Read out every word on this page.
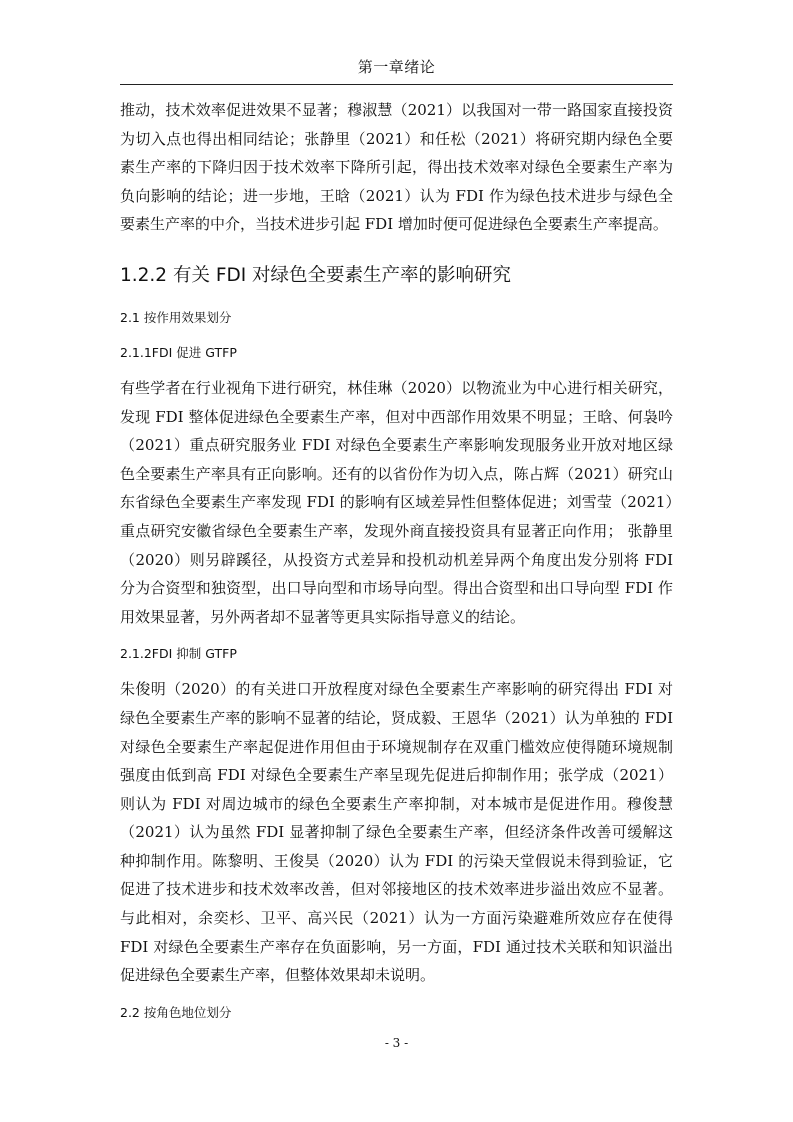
第一章绪论

推动，技术效率促进效果不显著；穆淑慧（2021）以我国对一带一路国家直接投资为切入点也得出相同结论；张静里（2021）和任松（2021）将研究期内绿色全要素生产率的下降归因于技术效率下降所引起，得出技术效率对绿色全要素生产率为负向影响的结论；进一步地，王晗（2021）认为 FDI 作为绿色技术进步与绿色全要素生产率的中介，当技术进步引起 FDI 增加时便可促进绿色全要素生产率提高。

1.2.2 有关 FDI 对绿色全要素生产率的影响研究
2.1 按作用效果划分
2.1.1FDI 促进 GTFP

有些学者在行业视角下进行研究，林佳琳（2020）以物流业为中心进行相关研究，发现 FDI 整体促进绿色全要素生产率，但对中西部作用效果不明显；王晗、何袅吟（2021）重点研究服务业 FDI 对绿色全要素生产率影响发现服务业开放对地区绿色全要素生产率具有正向影响。还有的以省份作为切入点，陈占辉（2021）研究山东省绿色全要素生产率发现 FDI 的影响有区域差异性但整体促进；刘雪莹（2021）重点研究安徽省绿色全要素生产率，发现外商直接投资具有显著正向作用； 张静里（2020）则另辟蹊径，从投资方式差异和投机动机差异两个角度出发分别将 FDI 分为合资型和独资型，出口导向型和市场导向型。得出合资型和出口导向型 FDI 作用效果显著，另外两者却不显著等更具实际指导意义的结论。

2.1.2FDI 抑制 GTFP

朱俊明（2020）的有关进口开放程度对绿色全要素生产率影响的研究得出 FDI 对绿色全要素生产率的影响不显著的结论，贤成毅、王恩华（2021）认为单独的 FDI 对绿色全要素生产率起促进作用但由于环境规制存在双重门槛效应使得随环境规制强度由低到高 FDI 对绿色全要素生产率呈现先促进后抑制作用；张学成（2021）则认为 FDI 对周边城市的绿色全要素生产率抑制，对本城市是促进作用。穆俊慧（2021）认为虽然 FDI 显著抑制了绿色全要素生产率，但经济条件改善可缓解这种抑制作用。陈黎明、王俊昊（2020）认为 FDI 的污染天堂假说未得到验证，它促进了技术进步和技术效率改善，但对邻接地区的技术效率进步溢出效应不显著。与此相对，余奕杉、卫平、高兴民（2021）认为一方面污染避难所效应存在使得 FDI 对绿色全要素生产率存在负面影响，另一方面，FDI 通过技术关联和知识溢出促进绿色全要素生产率，但整体效果却未说明。

2.2 按角色地位划分
- 3 -
